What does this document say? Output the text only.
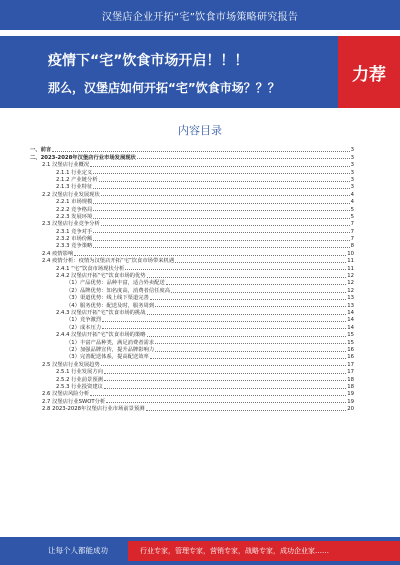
汉堡店企业开拓“宅”饮食市场策略研究报告
疫情下“宅”饮食市场开启！！！
那么，汉堡店如何开拓“宅”饮食市场？？？
力荐
内容目录
一、前言	3
二、2023-2028年汉堡店行业市场发展现状	3
2.1 汉堡店行业概况	3
2.1.1 行业定义	3
2.1.2 产业链分析	3
2.1.3 行业特征	3
2.2 汉堡店行业发展现状	4
2.2.1 市场规模	4
2.2.2 竞争格局	5
2.2.3 发展环境	5
2.3 汉堡店行业竞争分析	7
2.3.1 竞争对手	7
2.3.2 市场份额	7
2.3.3 竞争策略	8
2.4 疫情影响	10
2.4 疫情分析：疫情为汉堡店开拓“宅”饮食市场带来机遇	11
2.4.1 “宅”饮食市场现状分析	11
2.4.2 汉堡店开拓“宅”饮食市场的优势	12
（1）产品优势：品种丰富，适合外卖配送	12
（2）品牌优势：知名度高，消费者信任度高	12
（3）渠道优势：线上线下渠道完善	13
（4）服务优势：配送及时，服务周到	13
2.4.3 汉堡店开拓“宅”饮食市场的挑战	14
（1）竞争激烈	14
（2）成本压力	14
2.4.4 汉堡店开拓“宅”饮食市场的策略	15
（1）丰富产品种类，满足消费者需求	15
（2）加强品牌宣传，提升品牌影响力	16
（3）完善配送体系，提高配送效率	16
2.5 汉堡店行业发展趋势	17
2.5.1 行业发展方向	17
2.5.2 行业前景预测	18
2.5.3 行业投资建议	18
2.6 汉堡店风险分析	19
2.7 汉堡店行业SWOT分析	19
2.8 2023-2028年汉堡店行业市场前景预测	20
让每个人都能成功	行业专家，管理专家，营销专家，战略专家，成功企业家……
